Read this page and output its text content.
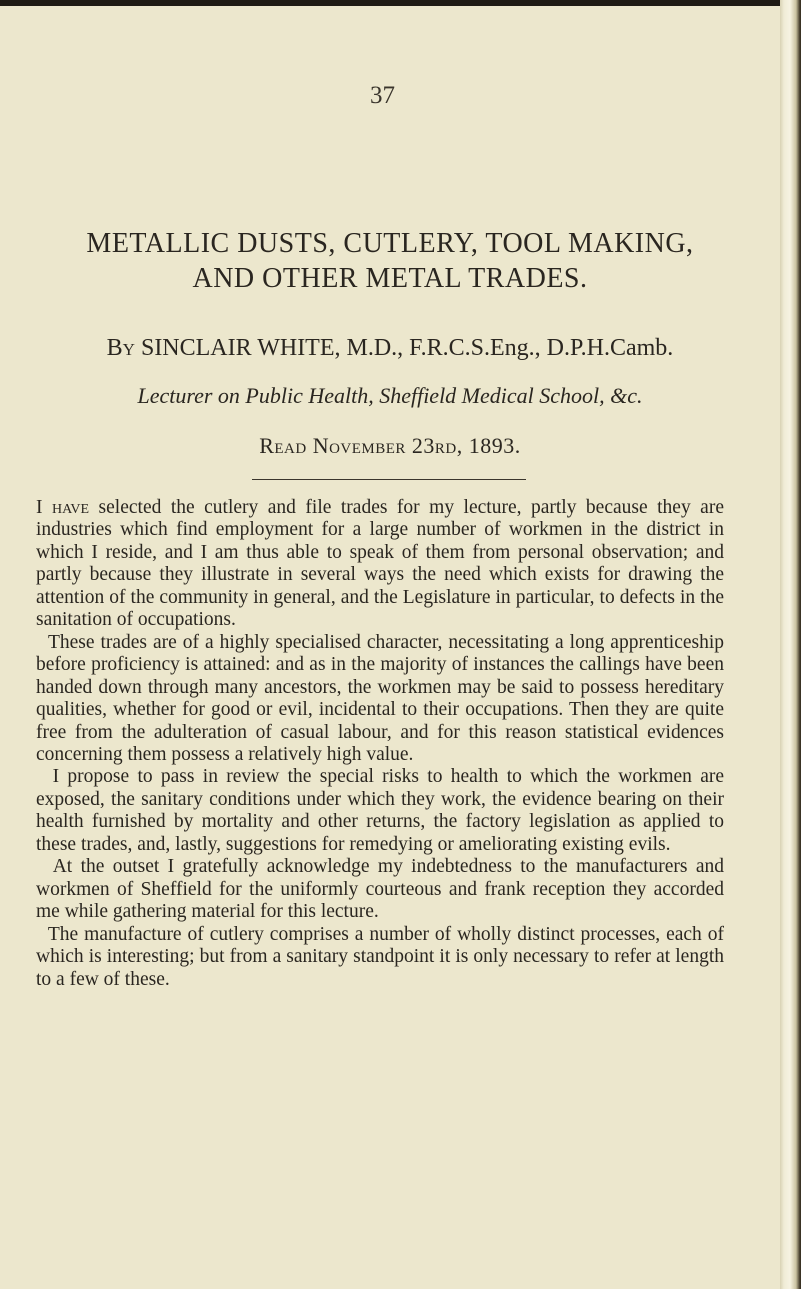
37
METALLIC DUSTS, CUTLERY, TOOL MAKING,
AND OTHER METAL TRADES.
By SINCLAIR WHITE, M.D., F.R.C.S.Eng., D.P.H.Camb.
Lecturer on Public Health, Sheffield Medical School, &c.
Read November 23rd, 1893.

I have selected the cutlery and file trades for my lecture, partly because they are industries which find employment for a large number of workmen in the district in which I reside, and I am thus able to speak of them from personal observation; and partly because they illustrate in several ways the need which exists for drawing the attention of the community in general, and the Legislature in particular, to defects in the sanitation of occupations.

These trades are of a highly specialised character, necessitating a long apprenticeship before proficiency is attained: and as in the majority of instances the callings have been handed down through many ancestors, the workmen may be said to possess hereditary qualities, whether for good or evil, incidental to their occupations. Then they are quite free from the adulteration of casual labour, and for this reason statistical evidences concerning them possess a relatively high value.

I propose to pass in review the special risks to health to which the workmen are exposed, the sanitary conditions under which they work, the evidence bearing on their health furnished by mortality and other returns, the factory legislation as applied to these trades, and, lastly, suggestions for remedying or ameliorating existing evils.

At the outset I gratefully acknowledge my indebtedness to the manufacturers and workmen of Sheffield for the uniformly courteous and frank reception they accorded me while gathering material for this lecture.

The manufacture of cutlery comprises a number of wholly distinct processes, each of which is interesting; but from a sanitary standpoint it is only necessary to refer at length to a few of these.
